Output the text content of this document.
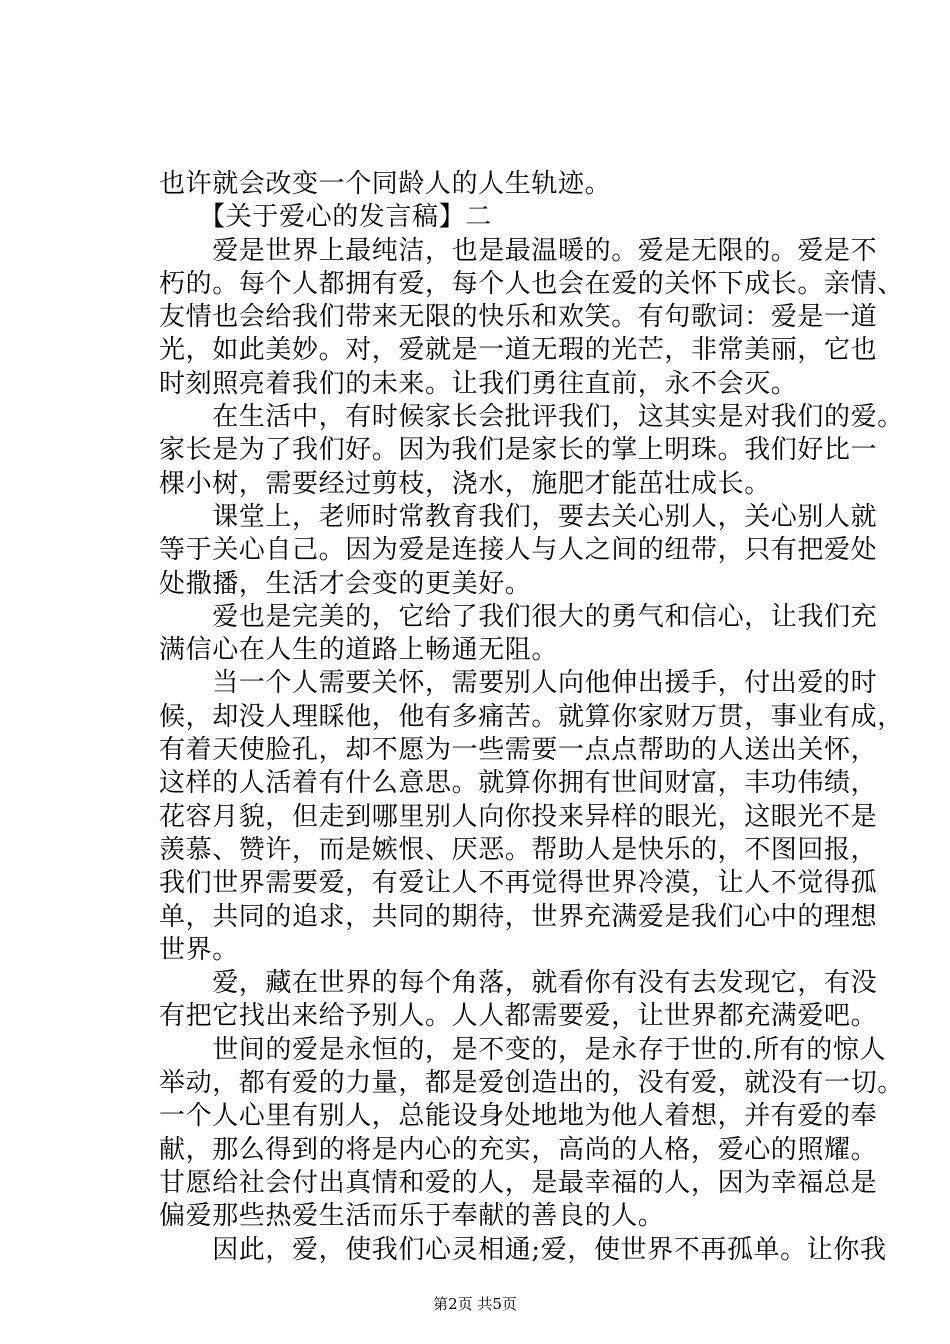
也许就会改变一个同龄人的人生轨迹。
　　【关于爱心的发言稿】二
　　爱是世界上最纯洁，也是最温暖的。爱是无限的。爱是不
朽的。每个人都拥有爱，每个人也会在爱的关怀下成长。亲情、
友情也会给我们带来无限的快乐和欢笑。有句歌词：爱是一道
光，如此美妙。对，爱就是一道无瑕的光芒，非常美丽，它也
时刻照亮着我们的未来。让我们勇往直前，永不会灭。
　　在生活中，有时候家长会批评我们，这其实是对我们的爱。
家长是为了我们好。因为我们是家长的掌上明珠。我们好比一
棵小树，需要经过剪枝，浇水，施肥才能茁壮成长。
　　课堂上，老师时常教育我们，要去关心别人，关心别人就
等于关心自己。因为爱是连接人与人之间的纽带，只有把爱处
处撒播，生活才会变的更美好。
　　爱也是完美的，它给了我们很大的勇气和信心，让我们充
满信心在人生的道路上畅通无阻。
　　当一个人需要关怀，需要别人向他伸出援手，付出爱的时
候，却没人理睬他，他有多痛苦。就算你家财万贯，事业有成，
有着天使脸孔，却不愿为一些需要一点点帮助的人送出关怀，
这样的人活着有什么意思。就算你拥有世间财富，丰功伟绩，
花容月貌，但走到哪里别人向你投来异样的眼光，这眼光不是
羡慕、赞许，而是嫉恨、厌恶。帮助人是快乐的，不图回报，
我们世界需要爱，有爱让人不再觉得世界冷漠，让人不觉得孤
单，共同的追求，共同的期待，世界充满爱是我们心中的理想
世界。
　　爱，藏在世界的每个角落，就看你有没有去发现它，有没
有把它找出来给予别人。人人都需要爱，让世界都充满爱吧。
　　世间的爱是永恒的，是不变的，是永存于世的.所有的惊人
举动，都有爱的力量，都是爱创造出的，没有爱，就没有一切。
一个人心里有别人，总能设身处地地为他人着想，并有爱的奉
献，那么得到的将是内心的充实，高尚的人格，爱心的照耀。
甘愿给社会付出真情和爱的人，是最幸福的人，因为幸福总是
偏爱那些热爱生活而乐于奉献的善良的人。
　　因此，爱，使我们心灵相通;爱，使世界不再孤单。让你我
第2页 共5页
